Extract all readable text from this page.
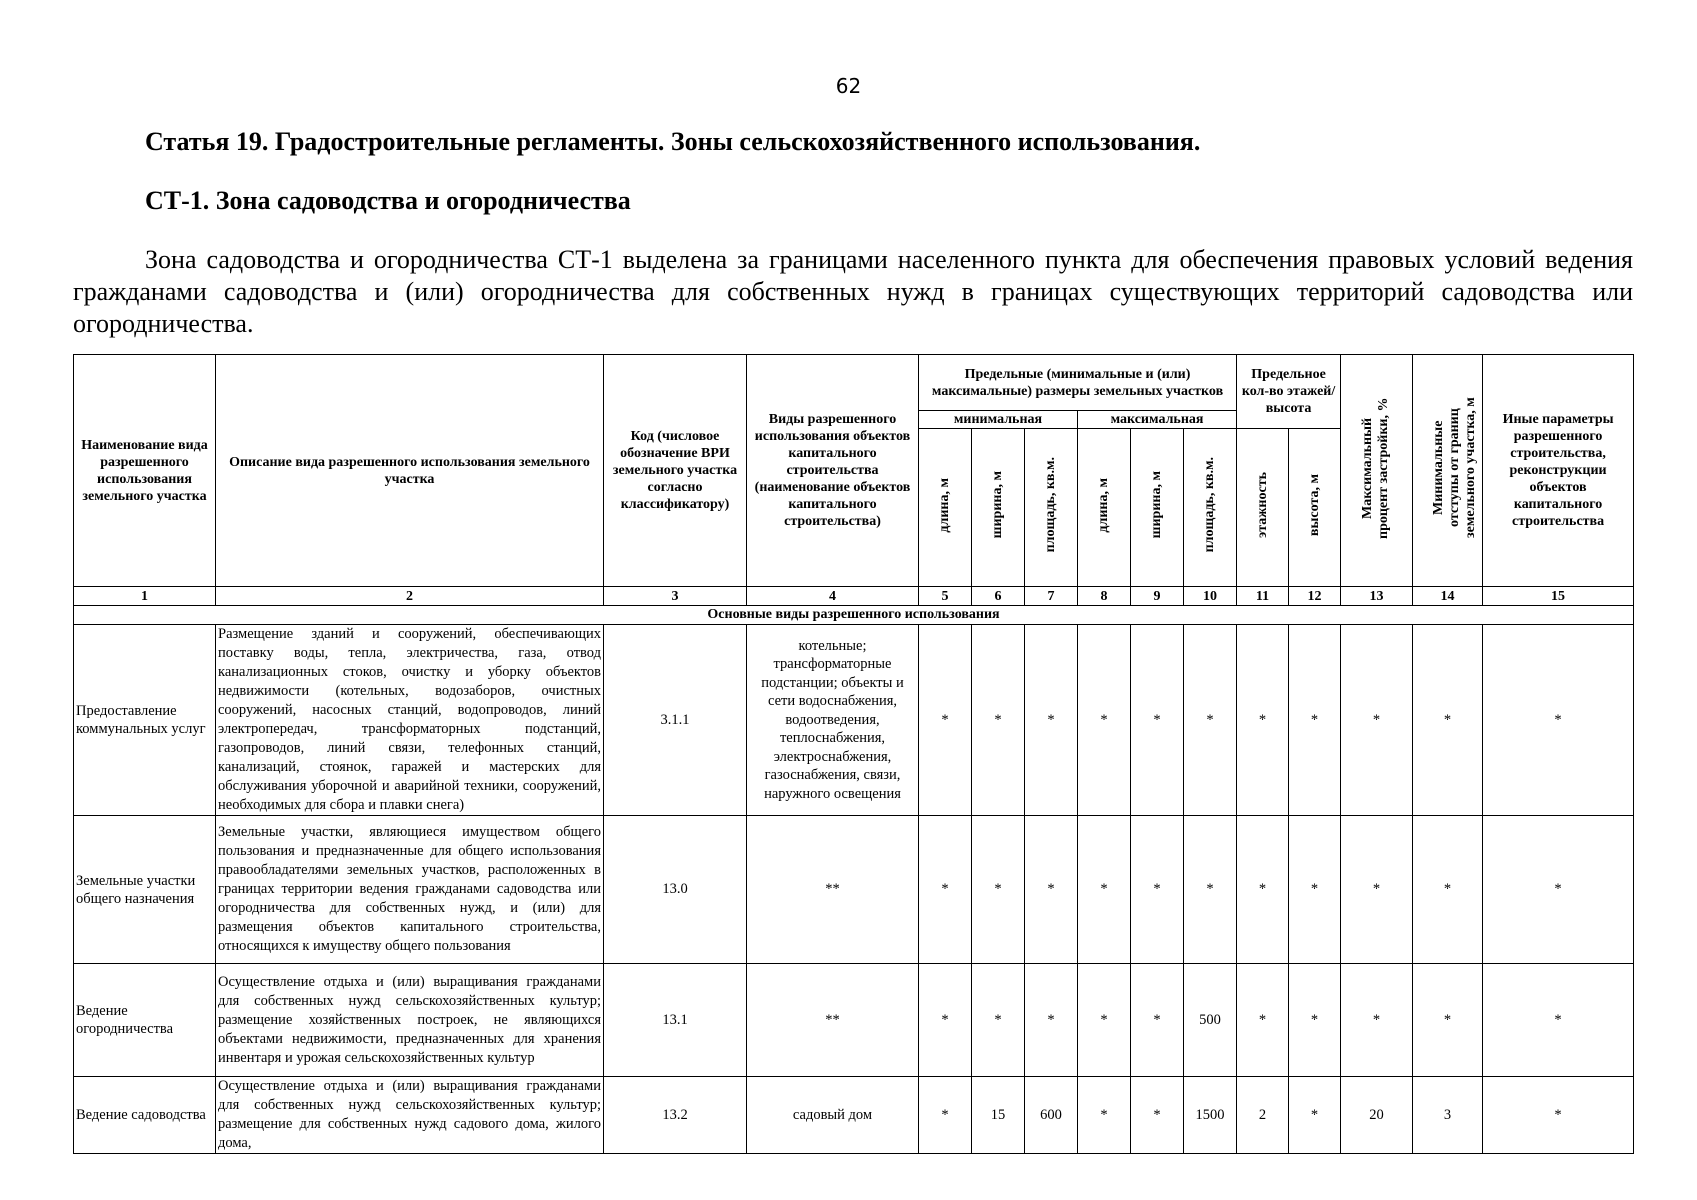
62
Статья 19. Градостроительные регламенты. Зоны сельскохозяйственного использования.
СТ-1. Зона садоводства и огородничества
Зона садоводства и огородничества СТ-1 выделена за границами населенного пункта для обеспечения правовых условий ведения гражданами садоводства и (или) огородничества для собственных нужд в границах существующих территорий садоводства или огородничества.
Наименование вида разрешенного использования земельного участка	Описание вида разрешенного использования земельного участка	Код (числовое обозначение ВРИ земельного участка согласно классификатору)	Виды разрешенного использования объектов капитального строительства (наименование объектов капитального строительства)	Предельные (минимальные и (или) максимальные) размеры земельных участков						Предельное кол-во этажей/ высота		Максимальный процент застройки, %	Минимальные отступы от границ земельного участка, м	Иные параметры разрешенного строительства, реконструкции объектов капитального строительства
				минимальная			максимальная							
				длина, м	ширина, м	площадь, кв.м.	длина, м	ширина, м	площадь, кв.м.	этажность	высота, м			
1	2	3	4	5	6	7	8	9	10	11	12	13	14	15
Основные виды разрешенного использования														
Предоставление коммунальных услуг	Размещение зданий и сооружений, обеспечивающих поставку воды, тепла, электричества, газа, отвод канализационных стоков, очистку и уборку объектов недвижимости (котельных, водозаборов, очистных сооружений, насосных станций, водопроводов, линий электропередач, трансформаторных подстанций, газопроводов, линий связи, телефонных станций, канализаций, стоянок, гаражей и мастерских для обслуживания уборочной и аварийной техники, сооружений, необходимых для сбора и плавки снега)	3.1.1	котельные; трансформаторные подстанции; объекты и сети водоснабжения, водоотведения, теплоснабжения, электроснабжения, газоснабжения, связи, наружного освещения	*	*	*	*	*	*	*	*	*	*	*
Земельные участки общего назначения	Земельные участки, являющиеся имуществом общего пользования и предназначенные для общего использования правообладателями земельных участков, расположенных в границах территории ведения гражданами садоводства или огородничества для собственных нужд, и (или) для размещения объектов капитального строительства, относящихся к имуществу общего пользования	13.0	**	*	*	*	*	*	*	*	*	*	*	*
Ведение огородничества	Осуществление отдыха и (или) выращивания гражданами для собственных нужд сельскохозяйственных культур; размещение хозяйственных построек, не являющихся объектами недвижимости, предназначенных для хранения инвентаря и урожая сельскохозяйственных культур	13.1	**	*	*	*	*	*	500	*	*	*	*	*
Ведение садоводства	Осуществление отдыха и (или) выращивания гражданами для собственных нужд сельскохозяйственных культур; размещение для собственных нужд садового дома, жилого дома,	13.2	садовый дом	*	15	600	*	*	1500	2	*	20	3	*
